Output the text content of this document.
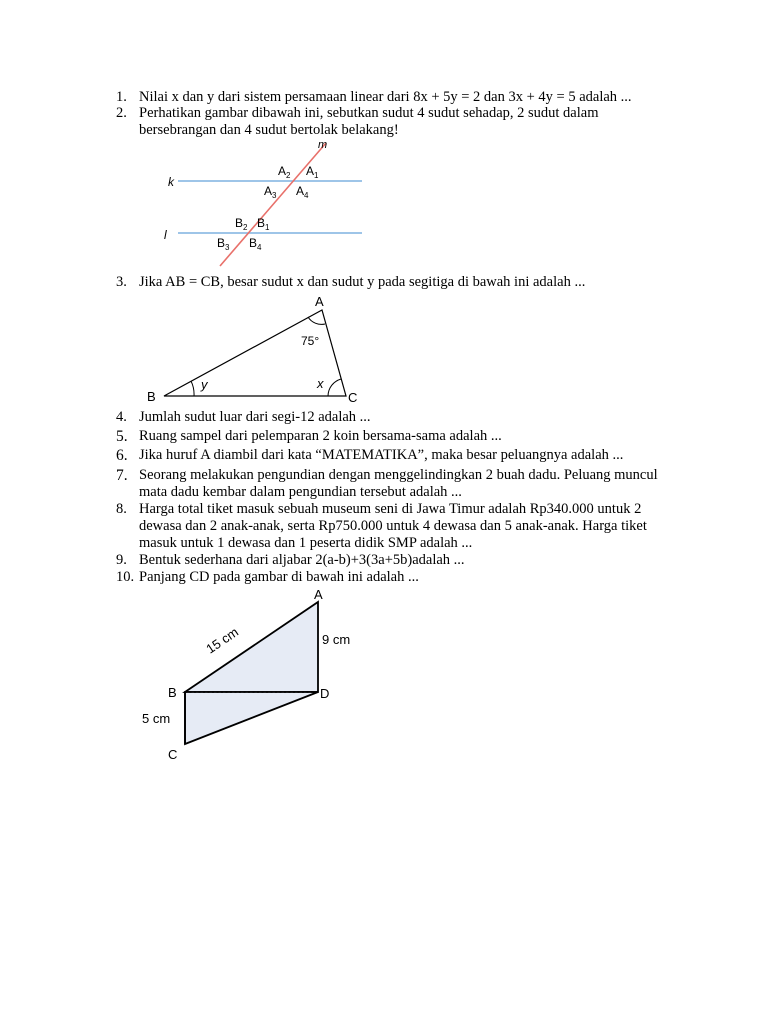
1. Nilai x dan y dari sistem persamaan linear dari 8x + 5y = 2 dan 3x + 4y = 5 adalah ...
2. Perhatikan gambar dibawah ini, sebutkan sudut 4 sudut sehadap, 2 sudut dalam bersebrangan dan 4 sudut bertolak belakang!
m
k
l
$A_2$ $A_1$
$A_3$ $A_4$
$B_2$ $B_1$
$B_3$ $B_4$
3. Jika AB = CB, besar sudut x dan sudut y pada segitiga di bawah ini adalah ...
A
B	C
75°
x
y
4. Jumlah sudut luar dari segi-12 adalah ...
5. Ruang sampel dari pelemparan 2 koin bersama-sama adalah ...
6. Jika huruf A diambil dari kata “MATEMATIKA”, maka besar peluangnya adalah ...
7. Seorang melakukan pengundian dengan menggelindingkan 2 buah dadu. Peluang muncul mata dadu kembar dalam pengundian tersebut adalah ...
8. Harga total tiket masuk sebuah museum seni di Jawa Timur adalah Rp340.000 untuk 2 dewasa dan 2 anak-anak, serta Rp750.000 untuk 4 dewasa dan 5 anak-anak. Harga tiket masuk untuk 1 dewasa dan 1 peserta didik SMP adalah ...
9. Bentuk sederhana dari aljabar 2(a-b)+3(3a+5b)adalah ...
10. Panjang CD pada gambar di bawah ini adalah ...
A
B
C
D
9 cm
5 cm
15 cm
